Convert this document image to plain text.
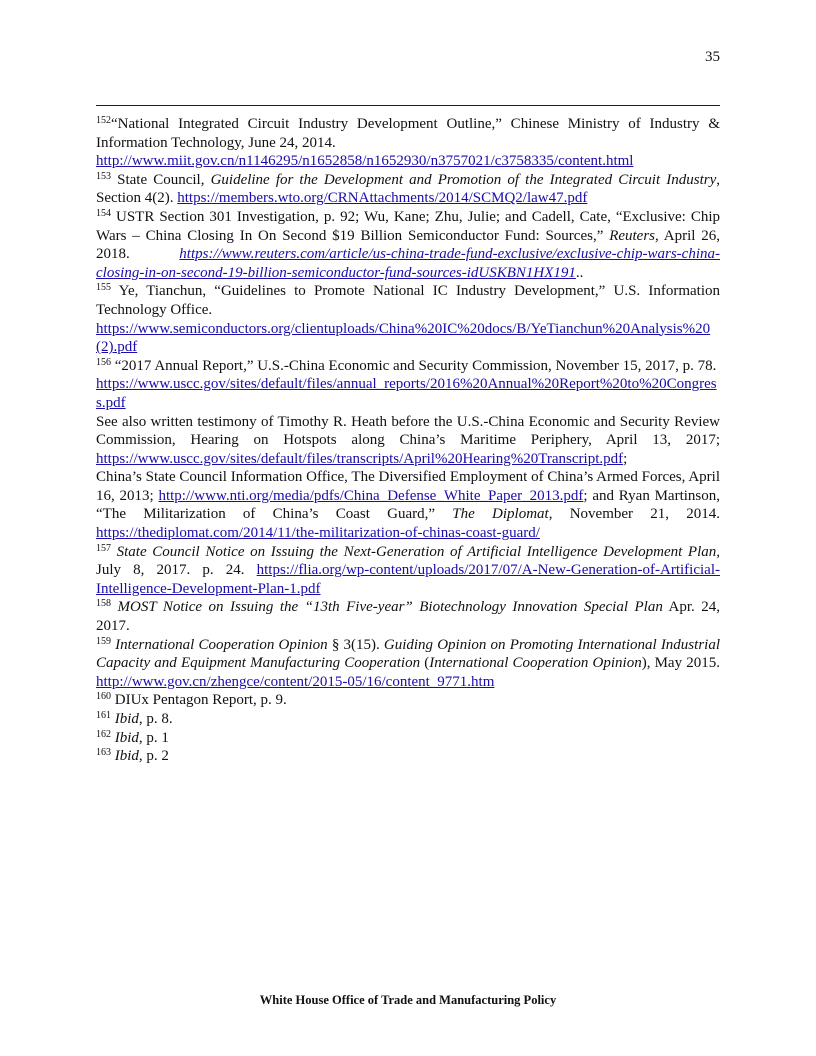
35

$^{152}$“National Integrated Circuit Industry Development Outline,” Chinese Ministry of Industry & Information Technology, June 24, 2014.
http://www.miit.gov.cn/n1146295/n1652858/n1652930/n3757021/c3758335/content.html

$^{153}$ State Council, Guideline for the Development and Promotion of the Integrated Circuit Industry, Section 4(2). https://members.wto.org/CRNAttachments/2014/SCMQ2/law47.pdf

$^{154}$ USTR Section 301 Investigation, p. 92; Wu, Kane; Zhu, Julie; and Cadell, Cate, “Exclusive: Chip Wars – China Closing In On Second $19 Billion Semiconductor Fund: Sources,” Reuters, April 26, 2018. https://www.reuters.com/article/us-china-trade-fund-exclusive/exclusive-chip-wars-china-closing-in-on-second-19-billion-semiconductor-fund-sources-idUSKBN1HX191..

$^{155}$ Ye, Tianchun, “Guidelines to Promote National IC Industry Development,” U.S. Information Technology Office.
https://www.semiconductors.org/clientuploads/China%20IC%20docs/B/YeTianchun%20Analysis%20(2).pdf

$^{156}$ “2017 Annual Report,” U.S.-China Economic and Security Commission, November 15, 2017, p. 78.
https://www.uscc.gov/sites/default/files/annual_reports/2016%20Annual%20Report%20to%20Congress.pdf

See also written testimony of Timothy R. Heath before the U.S.-China Economic and Security Review Commission, Hearing on Hotspots along China’s Maritime Periphery, April 13, 2017; https://www.uscc.gov/sites/default/files/transcripts/April%20Hearing%20Transcript.pdf;

China’s State Council Information Office, The Diversified Employment of China’s Armed Forces, April 16, 2013; http://www.nti.org/media/pdfs/China_Defense_White_Paper_2013.pdf; and Ryan Martinson, “The Militarization of China’s Coast Guard,” The Diplomat, November 21, 2014. https://thediplomat.com/2014/11/the-militarization-of-chinas-coast-guard/

$^{157}$ State Council Notice on Issuing the Next-Generation of Artificial Intelligence Development Plan, July 8, 2017. p. 24. https://flia.org/wp-content/uploads/2017/07/A-New-Generation-of-Artificial-Intelligence-Development-Plan-1.pdf

$^{158}$ MOST Notice on Issuing the “13th Five-year” Biotechnology Innovation Special Plan Apr. 24, 2017.

$^{159}$ International Cooperation Opinion § 3(15). Guiding Opinion on Promoting International Industrial Capacity and Equipment Manufacturing Cooperation (International Cooperation Opinion), May 2015. http://www.gov.cn/zhengce/content/2015-05/16/content_9771.htm

$^{160}$ DIUx Pentagon Report, p. 9.

$^{161}$ Ibid, p. 8.

$^{162}$ Ibid, p. 1

$^{163}$ Ibid, p. 2

White House Office of Trade and Manufacturing Policy
